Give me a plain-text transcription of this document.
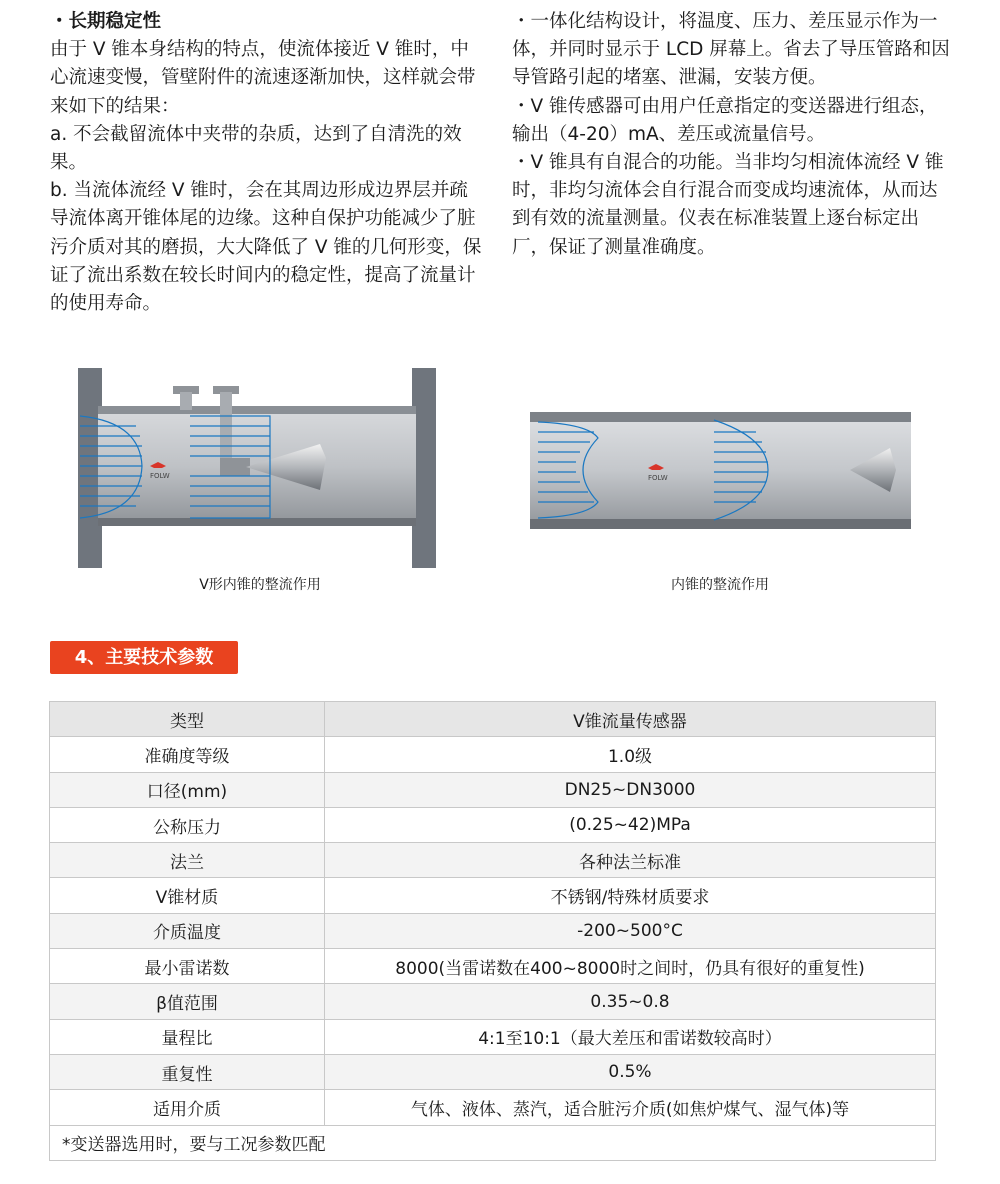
・长期稳定性

由于 V 锥本身结构的特点，使流体接近 V 锥时，中心流速变慢，管壁附件的流速逐渐加快，这样就会带来如下的结果：

a. 不会截留流体中夹带的杂质，达到了自清洗的效果。

b. 当流体流经 V 锥时，会在其周边形成边界层并疏导流体离开锥体尾的边缘。这种自保护功能减少了脏污介质对其的磨损，大大降低了 V 锥的几何形变，保证了流出系数在较长时间内的稳定性，提高了流量计的使用寿命。

・一体化结构设计，将温度、压力、差压显示作为一体，并同时显示于 LCD 屏幕上。省去了导压管路和因导管路引起的堵塞、泄漏，安装方便。

・V 锥传感器可由用户任意指定的变送器进行组态，输出（4-20）mA、差压或流量信号。

・V 锥具有自混合的功能。当非均匀相流体流经 V 锥时，非均匀流体会自行混合而变成均速流体，从而达到有效的流量测量。仪表在标准装置上逐台标定出厂，保证了测量准确度。

FOLW
V形内锥的整流作用
FOLW
内锥的整流作用
4、主要技术参数
类型	V锥流量传感器
准确度等级	1.0级
口径(mm)	DN25~DN3000
公称压力	(0.25~42)MPa
法兰	各种法兰标准
V锥材质	不锈钢/特殊材质要求
介质温度	-200~500°C
最小雷诺数	8000(当雷诺数在400~8000时之间时，仍具有很好的重复性)
β值范围	0.35~0.8
量程比	4:1至10:1（最大差压和雷诺数较高时）
重复性	0.5%
适用介质	气体、液体、蒸汽，适合脏污介质(如焦炉煤气、湿气体)等
*变送器选用时，要与工况参数匹配	
